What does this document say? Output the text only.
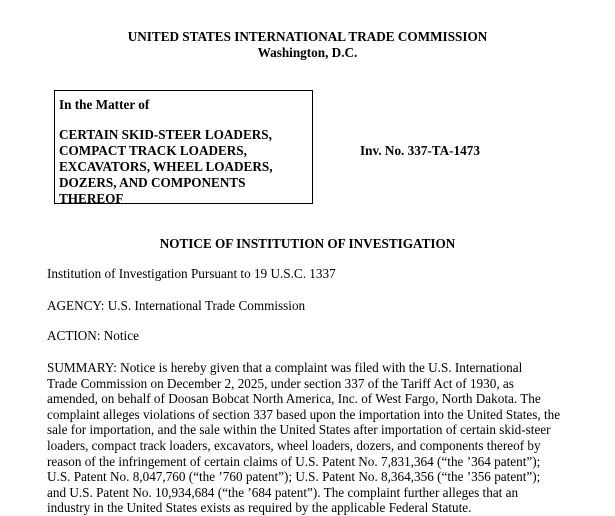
UNITED STATES INTERNATIONAL TRADE COMMISSION
Washington, D.C.
In the Matter of
CERTAIN SKID-STEER LOADERS,
COMPACT TRACK LOADERS,
EXCAVATORS, WHEEL LOADERS,
DOZERS, AND COMPONENTS
THEREOF
Inv. No. 337-TA-1473
NOTICE OF INSTITUTION OF INVESTIGATION
Institution of Investigation Pursuant to 19 U.S.C. 1337
AGENCY: U.S. International Trade Commission
ACTION: Notice
SUMMARY: Notice is hereby given that a complaint was filed with the U.S. International
Trade Commission on December 2, 2025, under section 337 of the Tariff Act of 1930, as
amended, on behalf of Doosan Bobcat North America, Inc. of West Fargo, North Dakota. The
complaint alleges violations of section 337 based upon the importation into the United States, the
sale for importation, and the sale within the United States after importation of certain skid-steer
loaders, compact track loaders, excavators, wheel loaders, dozers, and components thereof by
reason of the infringement of certain claims of U.S. Patent No. 7,831,364 (“the ’364 patent”);
U.S. Patent No. 8,047,760 (“the ’760 patent”); U.S. Patent No. 8,364,356 (“the ’356 patent”);
and U.S. Patent No. 10,934,684 (“the ’684 patent”). The complaint further alleges that an
industry in the United States exists as required by the applicable Federal Statute.
